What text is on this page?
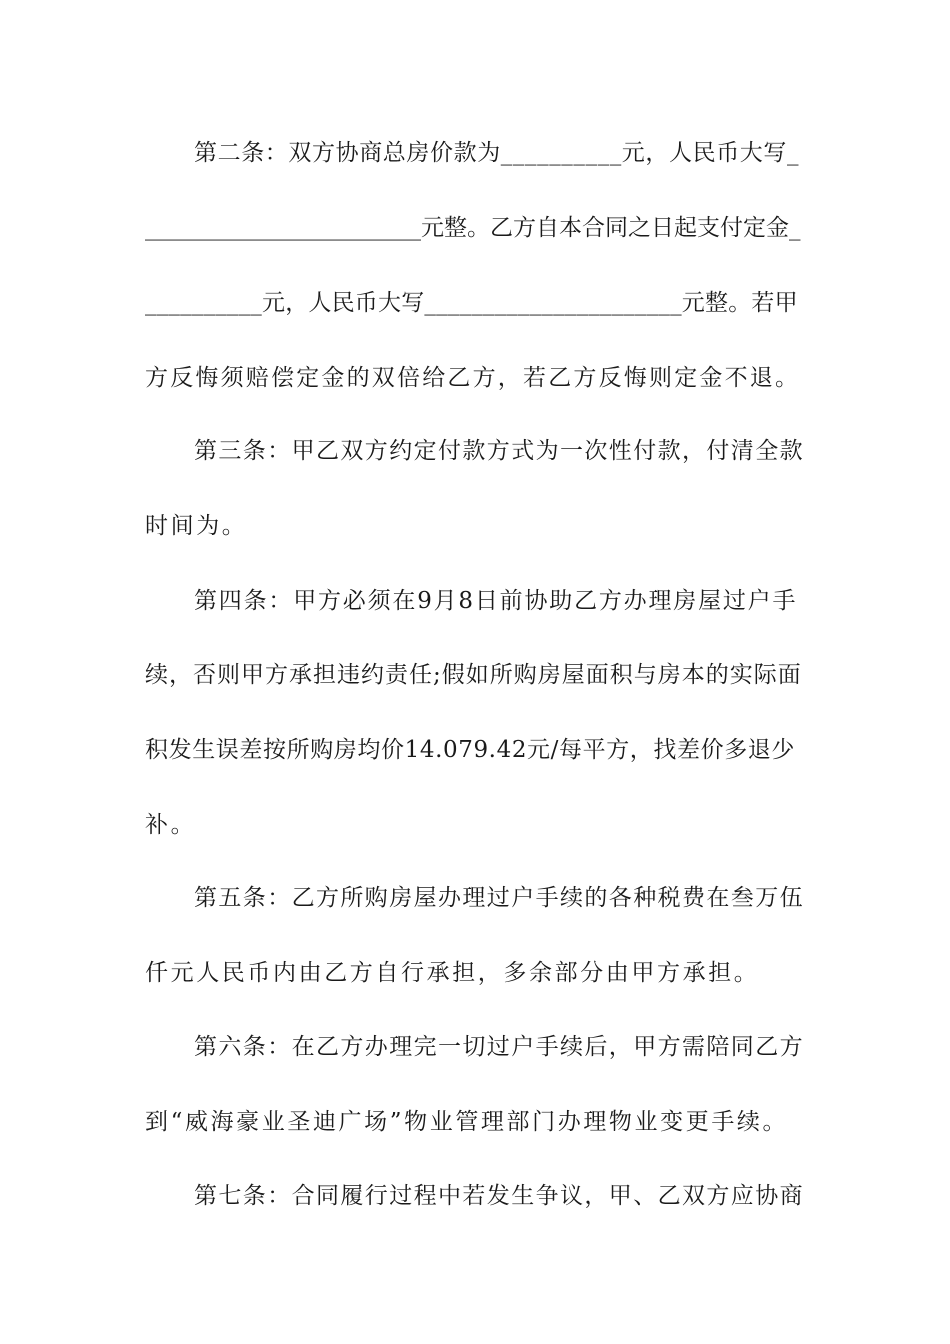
第二条：双方协商总房价款为__________元，人民币大写_
________________________元整。乙方自本合同之日起支付定金_
__________元，人民币大写______________________元整。若甲
方反悔须赔偿定金的双倍给乙方，若乙方反悔则定金不退。
第三条：甲乙双方约定付款方式为一次性付款，付清全款
时间为。
第四条：甲方必须在9月8日前协助乙方办理房屋过户手
续，否则甲方承担违约责任;假如所购房屋面积与房本的实际面
积发生误差按所购房均价14.079.42元/每平方，找差价多退少
补。
第五条：乙方所购房屋办理过户手续的各种税费在叁万伍
仟元人民币内由乙方自行承担，多余部分由甲方承担。
第六条：在乙方办理完一切过户手续后，甲方需陪同乙方
到“威海豪业圣迪广场”物业管理部门办理物业变更手续。
第七条：合同履行过程中若发生争议，甲、乙双方应协商
